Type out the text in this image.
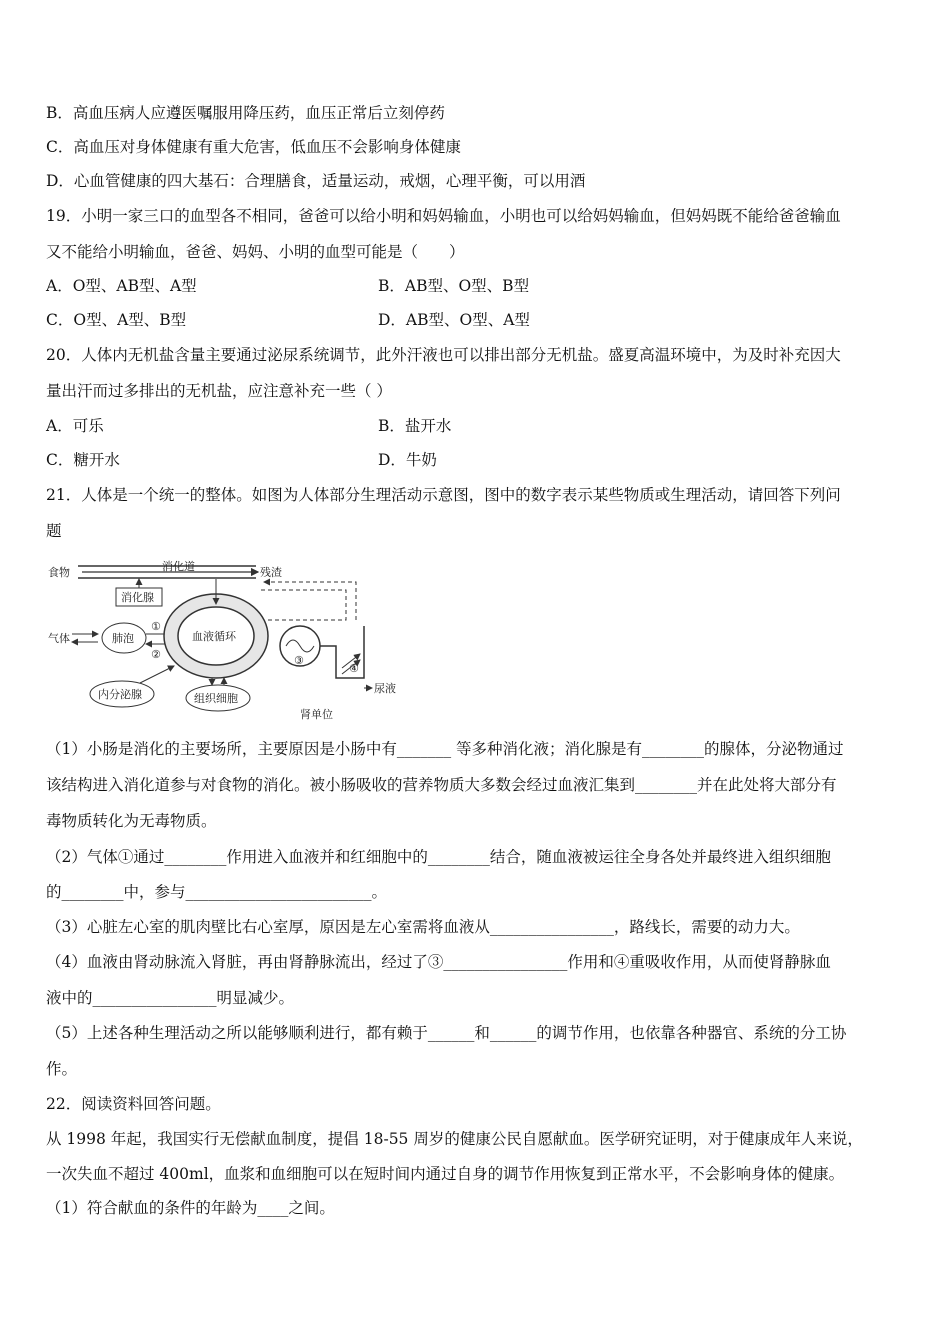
B．高血压病人应遵医嘱服用降压药，血压正常后立刻停药
C．高血压对身体健康有重大危害，低血压不会影响身体健康
D．心血管健康的四大基石：合理膳食，适量运动，戒烟，心理平衡，可以用酒
19．小明一家三口的血型各不相同，爸爸可以给小明和妈妈输血，小明也可以给妈妈输血，但妈妈既不能给爸爸输血
又不能给小明输血，爸爸、妈妈、小明的血型可能是（　　）
A．O型、AB型、A型	B．AB型、O型、B型
C．O型、A型、B型	D．AB型、O型、A型
20．人体内无机盐含量主要通过泌尿系统调节，此外汗液也可以排出部分无机盐。盛夏高温环境中，为及时补充因大
量出汗而过多排出的无机盐，应注意补充一些（ ）
A．可乐	B．盐开水
C．糖开水	D．牛奶
21．人体是一个统一的整体。如图为人体部分生理活动示意图，图中的数字表示某些物质或生理活动，请回答下列问
题
食物	消化道	残渣
消化腺
气体	肺泡
①
②
血液循环
内分泌腺	组织细胞
③
④
尿液
肾单位
（1）小肠是消化的主要场所，主要原因是小肠中有_______ 等多种消化液；消化腺是有________的腺体，分泌物通过
该结构进入消化道参与对食物的消化。被小肠吸收的营养物质大多数会经过血液汇集到________并在此处将大部分有
毒物质转化为无毒物质。
（2）气体①通过________作用进入血液并和红细胞中的________结合，随血液被运往全身各处并最终进入组织细胞
的________中，参与________________________。
（3）心脏左心室的肌肉壁比右心室厚，原因是左心室需将血液从________________，路线长，需要的动力大。
（4）血液由肾动脉流入肾脏，再由肾静脉流出，经过了③________________作用和④重吸收作用，从而使肾静脉血
液中的________________明显减少。
（5）上述各种生理活动之所以能够顺利进行，都有赖于______和______的调节作用，也依靠各种器官、系统的分工协
作。
22．阅读资料回答问题。
从 1998 年起，我国实行无偿献血制度，提倡 18-55 周岁的健康公民自愿献血。医学研究证明，对于健康成年人来说，
一次失血不超过 400ml，血浆和血细胞可以在短时间内通过自身的调节作用恢复到正常水平，不会影响身体的健康。
（1）符合献血的条件的年龄为____之间。
